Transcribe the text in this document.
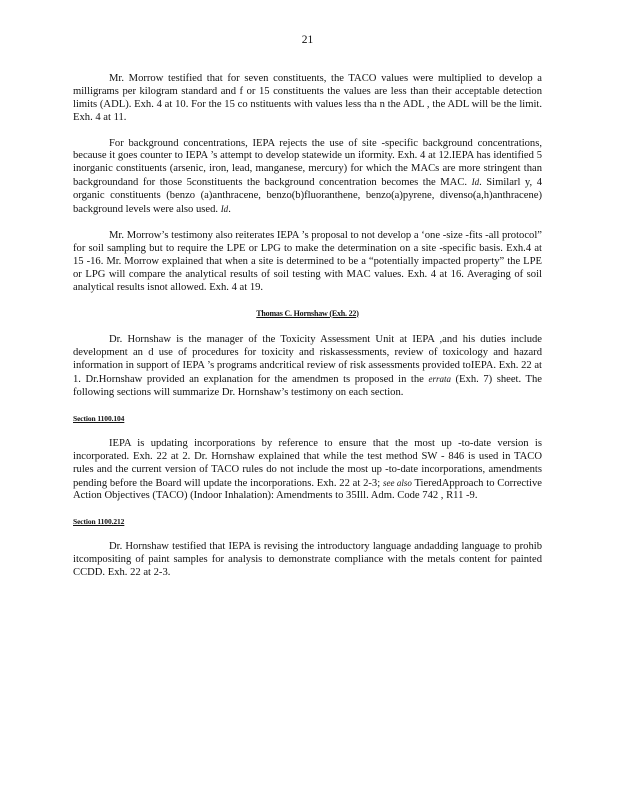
21

Mr. Morrow testified that for seven constituents, the TACO values were multiplied to develop a milligrams per kilogram standard and f or 15 constituents the values are less than their acceptable detection limits (ADL). Exh. 4 at 10. For the 15 co nstituents with values less tha n the ADL , the ADL will be the limit. Exh. 4 at 11.

For background concentrations, IEPA rejects the use of site -specific background concentrations, because it goes counter to IEPA ’s attempt to develop statewide un iformity. Exh. 4 at 12.IEPA has identified 5 inorganic constituents (arsenic, iron, lead, manganese, mercury) for which the MACs are more stringent than backgroundand for those 5constituents the background concentration becomes the MAC. Id. Similarl y, 4 organic constituents (benzo (a)anthracene, benzo(b)fluoranthene, benzo(a)pyrene, divenso(a,h)anthracene) background levels were also used. Id.

Mr. Morrow’s testimony also reiterates IEPA ’s proposal to not develop a ‘one -size -fits -all protocol” for soil sampling but to require the LPE or LPG to make the determination on a site -specific basis. Exh.4 at 15 -16. Mr. Morrow explained that when a site is determined to be a “potentially impacted property” the LPE or LPG will compare the analytical results of soil testing with MAC values. Exh. 4 at 16. Averaging of soil analytical results isnot allowed. Exh. 4 at 19.

Thomas C. Hornshaw (Exh. 22)

Dr. Hornshaw is the manager of the Toxicity Assessment Unit at IEPA ,and his duties include development an d use of procedures for toxicity and riskassessments, review of toxicology and hazard information in support of IEPA ’s programs andcritical review of risk assessments provided toIEPA. Exh. 22 at 1. Dr.Hornshaw provided an explanation for the amendmen ts proposed in the errata (Exh. 7) sheet. The following sections will summarize Dr. Hornshaw’s testimony on each section.

Section 1100.104

IEPA is updating incorporations by reference to ensure that the most up -to-date version is incorporated. Exh. 22 at 2. Dr. Hornshaw explained that while the test method SW - 846 is used in TACO rules and the current version of TACO rules do not include the most up -to-date incorporations, amendments pending before the Board will update the incorporations. Exh. 22 at 2-3; see also TieredApproach to Corrective Action Objectives (TACO) (Indoor Inhalation): Amendments to 35Ill. Adm. Code 742 , R11 -9.

Section 1100.212

Dr. Hornshaw testified that IEPA is revising the introductory language andadding language to prohib itcompositing of paint samples for analysis to demonstrate compliance with the metals content for painted CCDD. Exh. 22 at 2-3.
